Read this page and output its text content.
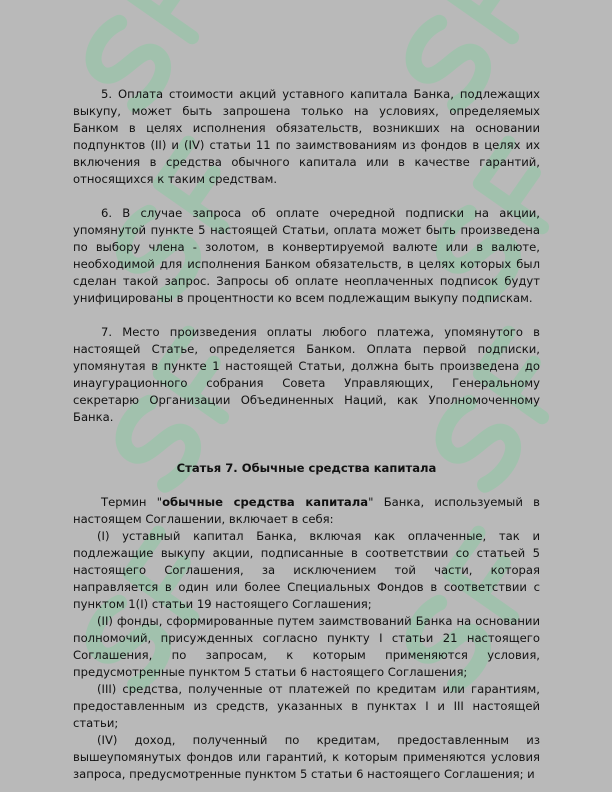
5. Оплата стоимости акций уставного капитала Банка, подлежащих выкупу, может быть запрошена только на условиях, определяемых Банком в целях исполнения обязательств, возникших на основании подпунктов (II) и (IV) статьи 11 по заимствованиям из фондов в целях их включения в средства обычного капитала или в качестве гарантий, относящихся к таким средствам.

6. В случае запроса об оплате очередной подписки на акции, упомянутой пункте 5 настоящей Статьи, оплата может быть произведена по выбору члена - золотом, в конвертируемой валюте или в валюте, необходимой для исполнения Банком обязательств, в целях которых был сделан такой запрос. Запросы об оплате неоплаченных подписок будут унифицированы в процентности ко всем подлежащим выкупу подпискам.

7. Место произведения оплаты любого платежа, упомянутого в настоящей Статье, определяется Банком. Оплата первой подписки, упомянутая в пункте 1 настоящей Статьи, должна быть произведена до инаугурационного собрания Совета Управляющих, Генеральному секретарю Организации Объединенных Наций, как Уполномоченному Банка.

Статья 7. Обычные средства капитала

Термин "обычные средства капитала" Банка, используемый в настоящем Соглашении, включает в себя:

(I) уставный капитал Банка, включая как оплаченные, так и подлежащие выкупу акции, подписанные в соответствии со статьей 5 настоящего Соглашения, за исключением той части, которая направляется в один или более Специальных Фондов в соответствии с пунктом 1(I) статьи 19 настоящего Соглашения;

(II) фонды, сформированные путем заимствований Банка на основании полномочий, присужденных согласно пункту I статьи 21 настоящего Соглашения, по запросам, к которым применяются условия, предусмотренные пунктом 5 статьи 6 настоящего Соглашения;

(III) средства, полученные от платежей по кредитам или гарантиям, предоставленным из средств, указанных в пунктах I и III настоящей статьи;

(IV) доход, полученный по кредитам, предоставленным из вышеупомянутых фондов или гарантий, к которым применяются условия запроса, предусмотренные пунктом 5 статьи 6 настоящего Соглашения; и
